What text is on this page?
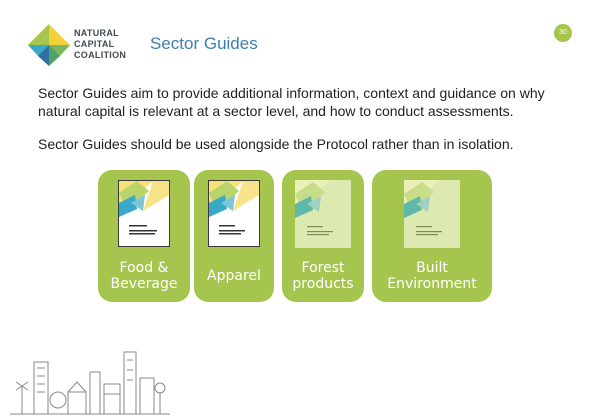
NATURAL
CAPITAL
COALITION
Sector Guides
30
Sector Guides aim to provide additional information, context and guidance on why natural capital is relevant at a sector level, and how to conduct assessments.
Sector Guides should be used alongside the Protocol rather than in isolation.
Food & Beverage	Apparel	Forest products
Built Environment
